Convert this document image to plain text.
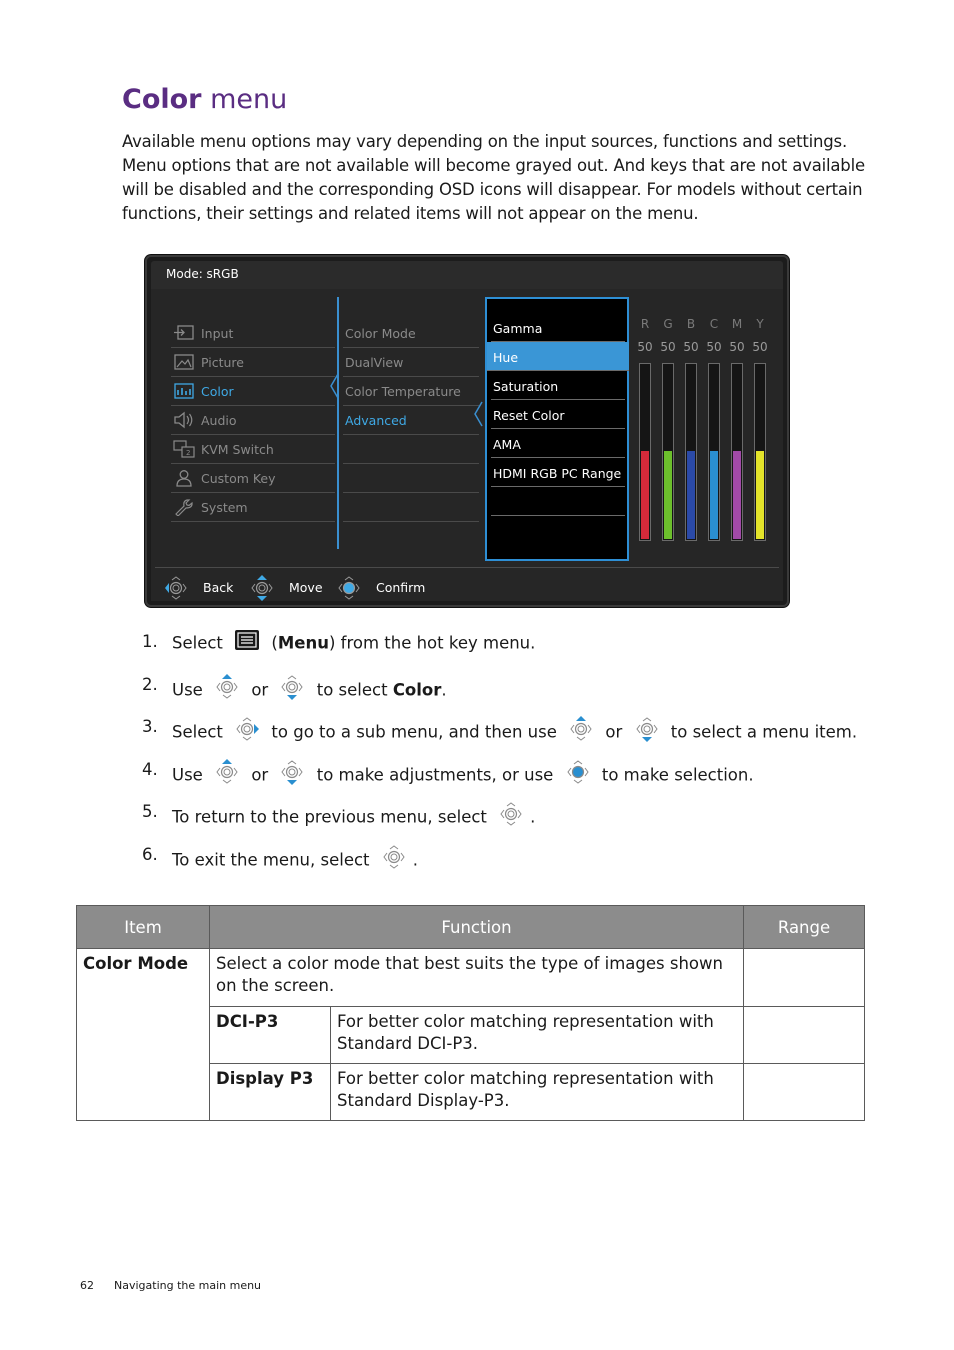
Color menu

Available menu options may vary depending on the input sources, functions and settings. Menu options that are not available will become grayed out. And keys that are not available will be disabled and the corresponding OSD icons will disappear. For models without certain functions, their settings and related items will not appear on the menu.

Mode: sRGB
Input
Picture
Color
Audio
2 KVM Switch
Custom Key
System
Color Mode
DualView
Color Temperature
Advanced
Gamma
Hue
Saturation
Reset Color
AMA
HDMI RGB PC Range
R
50
G
50
B
50
C
50
M
50
Y
50
Back	Move	Confirm
1. Select	(Menu) from the hot key menu.
2. Use	or	to select Color.
3. Select	to go to a sub menu, and then use	or	to select a menu item.
4. Use	or	to make adjustments, or use	to make selection.
5. To return to the previous menu, select	.
6. To exit the menu, select	.
Item	Function		Range
Color Mode	Select a color mode that best suits the type of images shown on the screen.		
	DCI-P3	For better color matching representation with Standard DCI-P3.	
	Display P3	For better color matching representation with Standard Display-P3.	
62 Navigating the main menu
